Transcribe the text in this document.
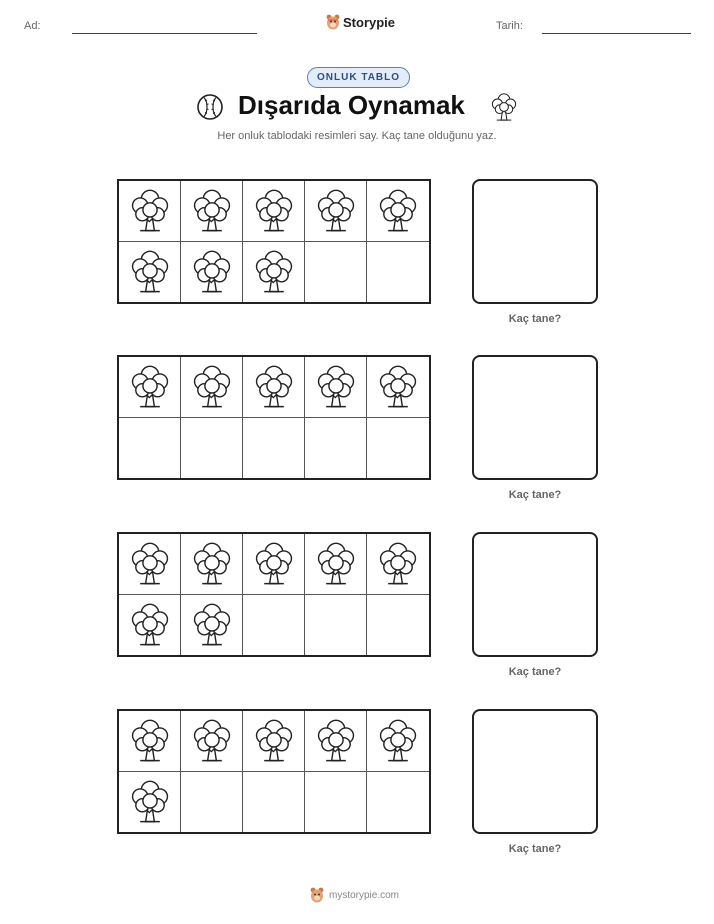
Ad:	Storypie	Tarih:
ONLUK TABLO
Dışarıda Oynamak
Her onluk tablodaki resimleri say. Kaç tane olduğunu yaz.
Kaç tane?
Kaç tane?
Kaç tane?
Kaç tane?
mystorypie.com
